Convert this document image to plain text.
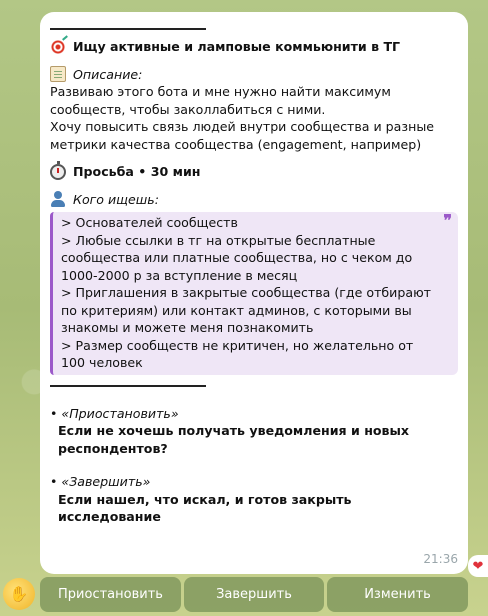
✋
Ищу активные и ламповые коммьюнити в ТГ
Описание:
Развиваю этого бота и мне нужно найти максимум сообществ, чтобы заколлабиться с ними.
Хочу повысить связь людей внутри сообщества и разные метрики качества сообщества (engagement, например)
Просьба • 30 мин
Кого ищешь:
❞
> Основателей сообществ
> Любые ссылки в тг на открытые бесплатные сообщества или платные сообщества, но с чеком до 1000-2000 р за вступление в месяц
> Приглашения в закрытые сообщества (где отбирают по критериям) или контакт админов, с которыми вы знакомы и можете меня познакомить
> Размер сообществ не критичен, но желательно от 100 человек
• «Приостановить»
Если не хочешь получать уведомления и новых респондентов?
• «Завершить»
Если нашел, что искал, и готов закрыть исследование
21:36 ❤
Приостановить	Завершить	Изменить
